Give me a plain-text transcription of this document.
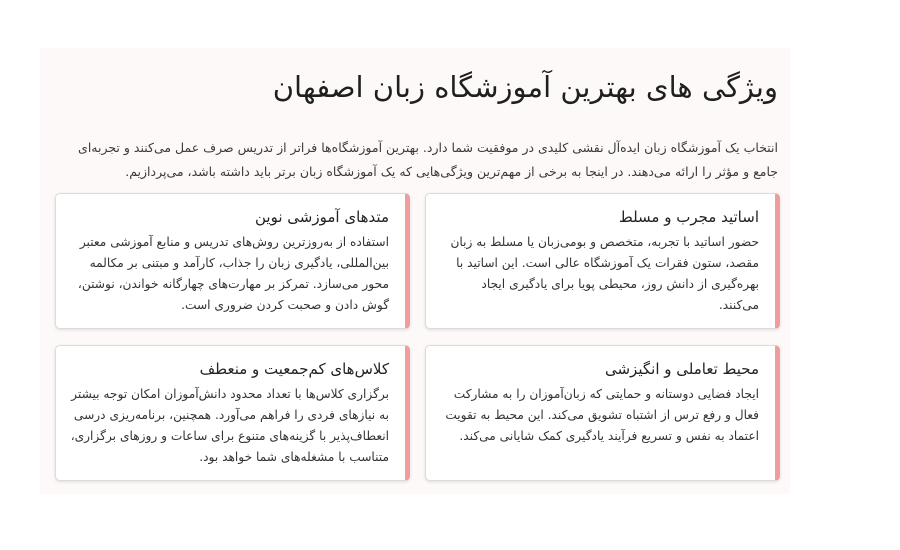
ویژگی های بهترین آموزشگاه زبان اصفهان

انتخاب یک آموزشگاه زبان ایده‌آل نقشی کلیدی در موفقیت شما دارد. بهترین آموزشگاه‌ها فراتر از تدریس صرف عمل می‌کنند و تجربه‌ای جامع و مؤثر را ارائه می‌دهند. در اینجا به برخی از مهم‌ترین ویژگی‌هایی که یک آموزشگاه زبان برتر باید داشته باشد، می‌پردازیم.

اساتید مجرب و مسلط

حضور اساتید با تجربه، متخصص و بومی‌زبان یا مسلط به زبان مقصد، ستون فقرات یک آموزشگاه عالی است. این اساتید با بهره‌گیری از دانش روز، محیطی پویا برای یادگیری ایجاد می‌کنند.

متدهای آموزشی نوین

استفاده از به‌روزترین روش‌های تدریس و منابع آموزشی معتبر بین‌المللی، یادگیری زبان را جذاب، کارآمد و مبتنی بر مکالمه محور می‌سازد. تمرکز بر مهارت‌های چهارگانه خواندن، نوشتن، گوش دادن و صحبت کردن ضروری است.

محیط تعاملی و انگیزشی

ایجاد فضایی دوستانه و حمایتی که زبان‌آموزان را به مشارکت فعال و رفع ترس از اشتباه تشویق می‌کند. این محیط به تقویت اعتماد به نفس و تسریع فرآیند یادگیری کمک شایانی می‌کند.

کلاس‌های کم‌جمعیت و منعطف

برگزاری کلاس‌ها با تعداد محدود دانش‌آموزان امکان توجه بیشتر به نیازهای فردی را فراهم می‌آورد. همچنین، برنامه‌ریزی درسی انعطاف‌پذیر با گزینه‌های متنوع برای ساعات و روزهای برگزاری، متناسب با مشغله‌های شما خواهد بود.
